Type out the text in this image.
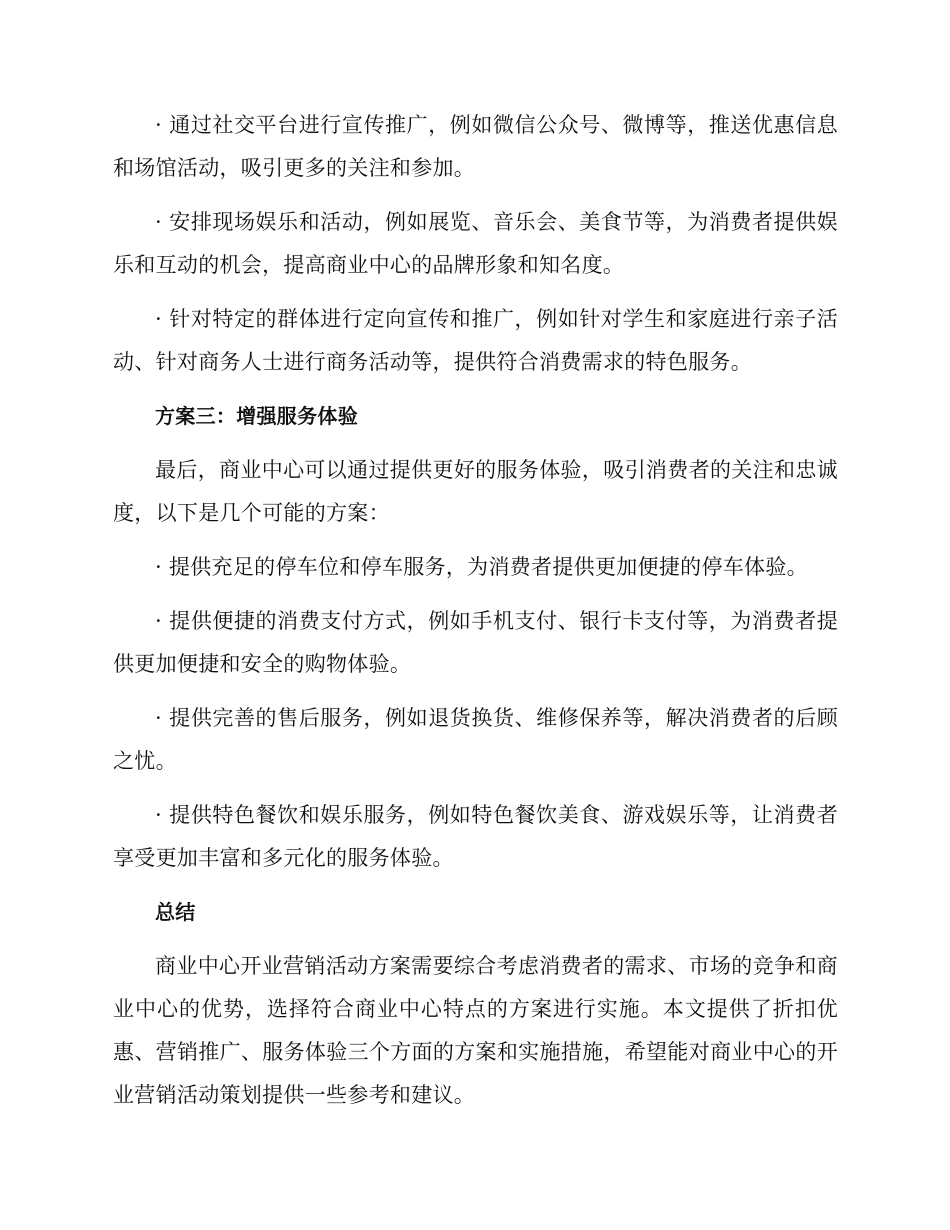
· 通过社交平台进行宣传推广，例如微信公众号、微博等，推送优惠信息和场馆活动，吸引更多的关注和参加。

· 安排现场娱乐和活动，例如展览、音乐会、美食节等，为消费者提供娱乐和互动的机会，提高商业中心的品牌形象和知名度。

· 针对特定的群体进行定向宣传和推广，例如针对学生和家庭进行亲子活动、针对商务人士进行商务活动等，提供符合消费需求的特色服务。

方案三：增强服务体验

最后，商业中心可以通过提供更好的服务体验，吸引消费者的关注和忠诚度，以下是几个可能的方案：

· 提供充足的停车位和停车服务，为消费者提供更加便捷的停车体验。

· 提供便捷的消费支付方式，例如手机支付、银行卡支付等，为消费者提供更加便捷和安全的购物体验。

· 提供完善的售后服务，例如退货换货、维修保养等，解决消费者的后顾之忧。

· 提供特色餐饮和娱乐服务，例如特色餐饮美食、游戏娱乐等，让消费者享受更加丰富和多元化的服务体验。

总结

商业中心开业营销活动方案需要综合考虑消费者的需求、市场的竞争和商业中心的优势，选择符合商业中心特点的方案进行实施。本文提供了折扣优惠、营销推广、服务体验三个方面的方案和实施措施，希望能对商业中心的开业营销活动策划提供一些参考和建议。
